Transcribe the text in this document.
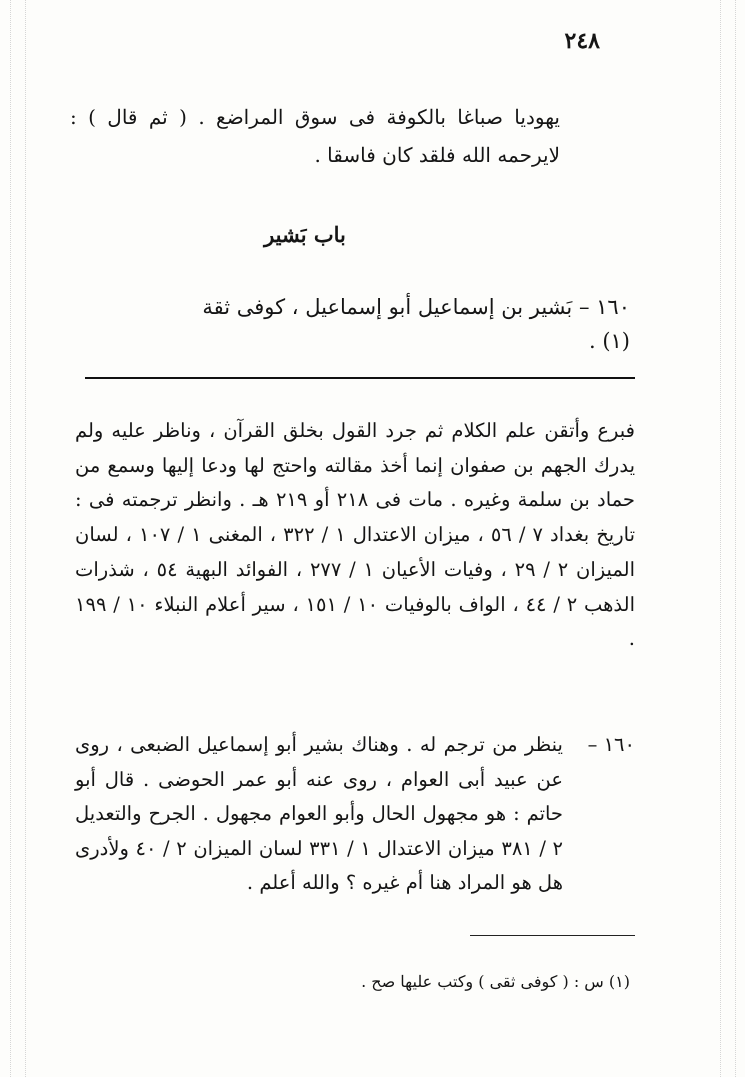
٢٤٨
يهوديا صباغا بالكوفة فى سوق المراضع . ( ثم قال ) : لايرحمه الله فلقد كان فاسقا .
باب بَشير
١٦٠ – بَشير بن إسماعيل أبو إسماعيل ، كوفى ثقة (١) .
فبرع وأتقن علم الكلام ثم جرد القول بخلق القرآن ، وناظر عليه ولم يدرك الجهم بن صفوان إنما أخذ مقالته واحتج لها ودعا إليها وسمع من حماد بن سلمة وغيره . مات فى ٢١٨ أو ٢١٩ هـ . وانظر ترجمته فى : تاريخ بغداد ٧ / ٥٦ ، ميزان الاعتدال ١ / ٣٢٢ ، المغنى ١ / ١٠٧ ، لسان الميزان ٢ / ٢٩ ، وفيات الأعيان ١ / ٢٧٧ ، الفوائد البهية ٥٤ ، شذرات الذهب ٢ / ٤٤ ، الواف بالوفيات ١٠ / ١٥١ ، سير أعلام النبلاء ١٠ / ١٩٩ .
١٦٠ –
ينظر من ترجم له . وهناك بشير أبو إسماعيل الضبعى ، روى عن عبيد أبى العوام ، روى عنه أبو عمر الحوضى . قال أبو حاتم : هو مجهول الحال وأبو العوام مجهول . الجرح والتعديل ٢ / ٣٨١ ميزان الاعتدال ١ / ٣٣١ لسان الميزان ٢ / ٤٠ ولأدرى هل هو المراد هنا أم غيره ؟ والله أعلم .
(١) س : ( كوفى ثقى ) وكتب عليها صح .
